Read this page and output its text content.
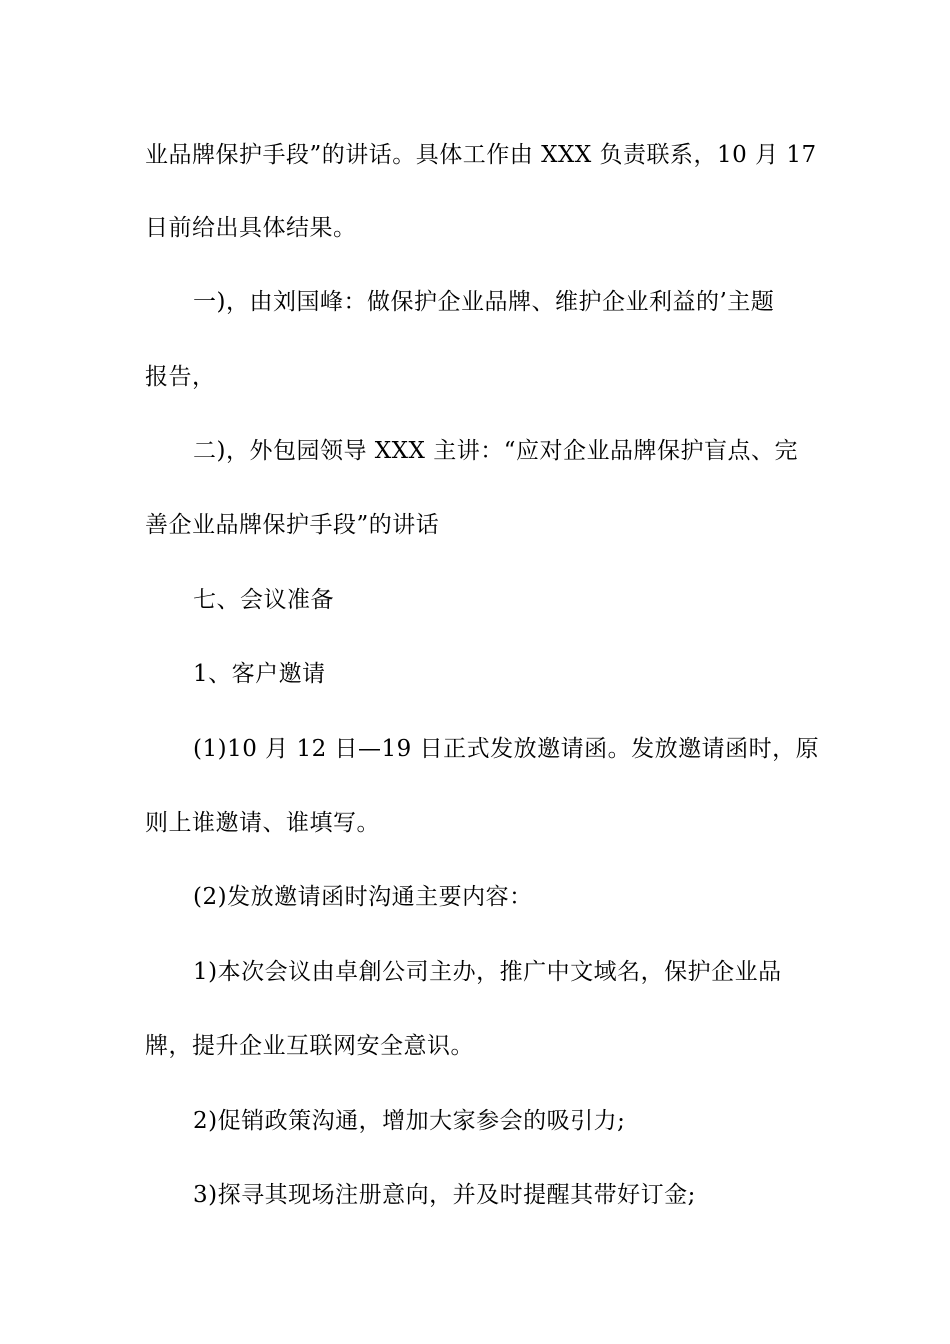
业品牌保护手段”的讲话。具体工作由 XXX 负责联系，10 月 17
日前给出具体结果。
一)，由刘国峰：做保护企业品牌、维护企业利益的’主题
报告，
二)，外包园领导 XXX 主讲：“应对企业品牌保护盲点、完
善企业品牌保护手段”的讲话
七、会议准备
1、客户邀请
(1)10 月 12 日—19 日正式发放邀请函。发放邀请函时，原
则上谁邀请、谁填写。
(2)发放邀请函时沟通主要内容：
1)本次会议由卓創公司主办，推广中文域名，保护企业品
牌，提升企业互联网安全意识。
2)促销政策沟通，增加大家参会的吸引力;
3)探寻其现场注册意向，并及时提醒其带好订金;
